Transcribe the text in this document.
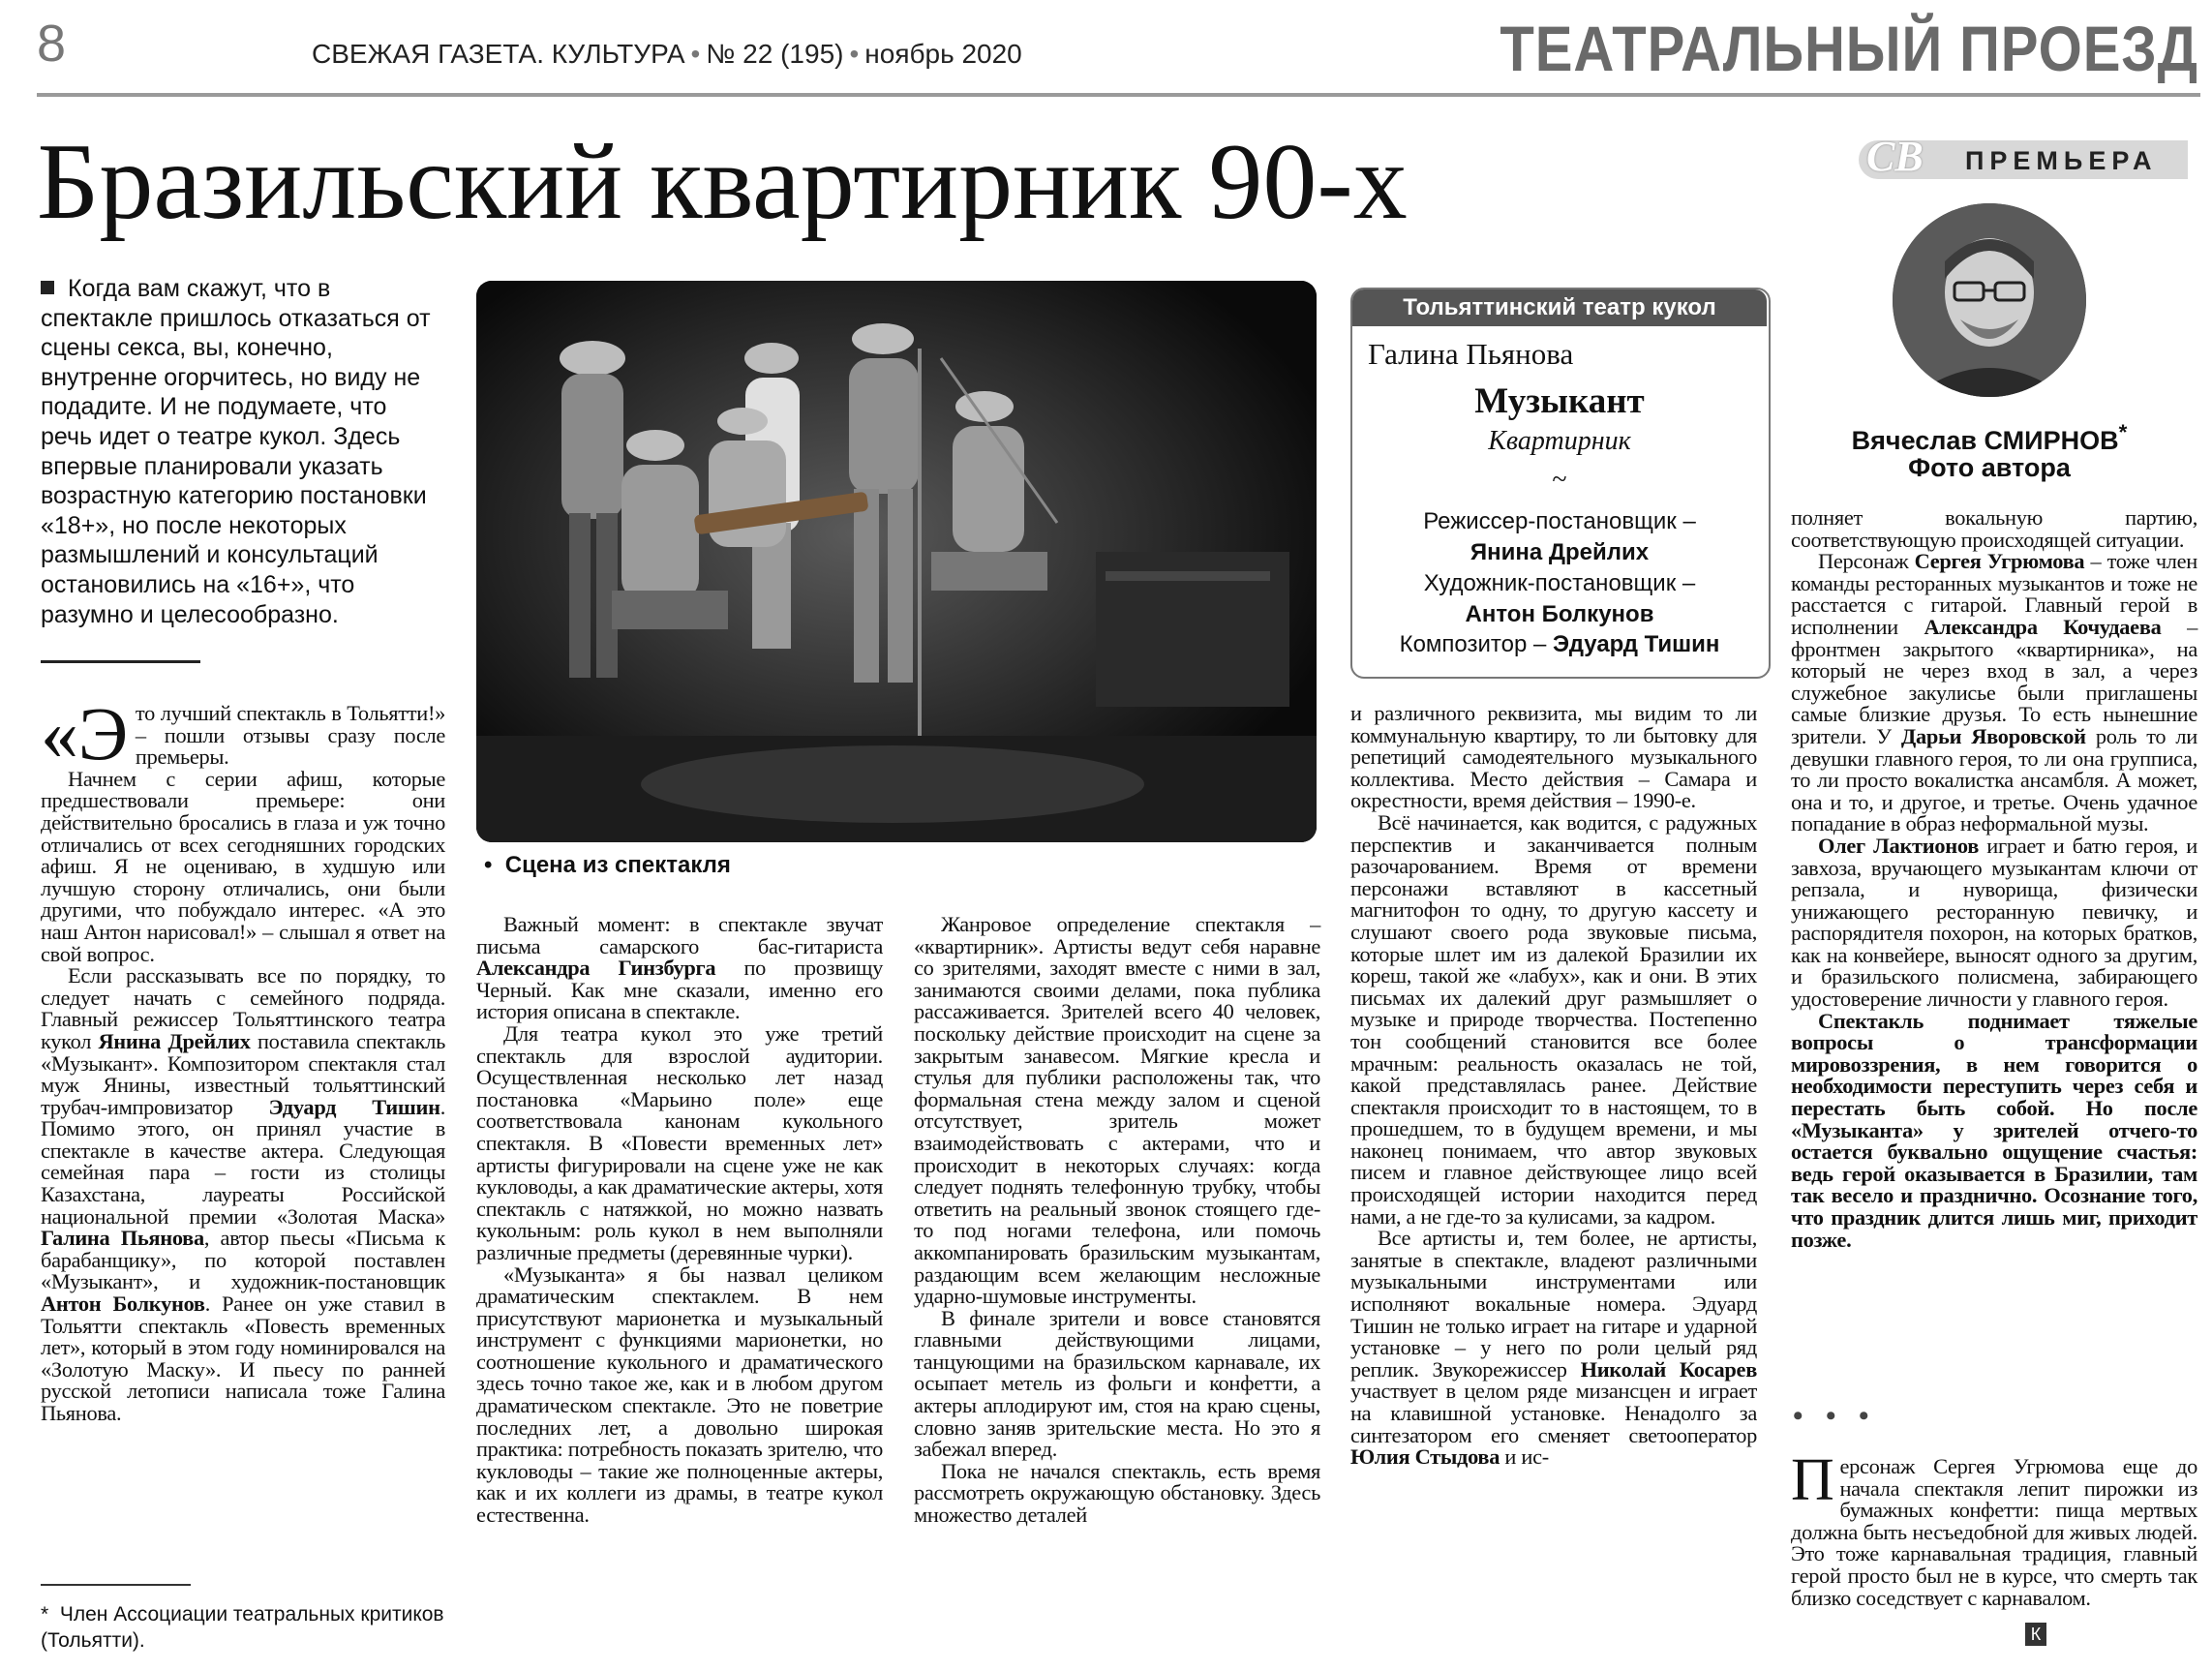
8	СВЕЖАЯ ГАЗЕТА. КУЛЬТУРА • № 22 (195) • ноябрь 2020	ТЕАТРАЛЬНЫЙ ПРОЕЗД
Бразильский квартирник 90-х	СВ ПРЕМЬЕРА
Вячеслав СМИРНОВ*
Фото автора
Когда вам скажут, что в спектакле пришлось отказаться от сцены секса, вы, конечно, внутренне огорчитесь, но виду не подадите. И не подумаете, что речь идет о театре кукол. Здесь впервые планировали указать возрастную категорию постановки «18+», но после некоторых размышлений и консультаций остановились на «16+», что разумно и целесообразно.
•  Сцена из спектакля
Тольяттинский театр кукол
Галина Пьянова
Музыкант
Квартирник
~
Режиссер-постановщик –
Янина Дрейлих
Художник-постановщик –
Антон Болкунов
Композитор – Эдуард Тишин

«Это лучший спектакль в Тольятти!» – пошли отзывы сразу после премьеры.

Начнем с серии афиш, которые предшествовали премьере: они действительно бросались в глаза и уж точно отличались от всех сегодняшних городских афиш. Я не оцениваю, в худшую или лучшую сторону отличались, они были другими, что побуждало интерес. «А это наш Антон нарисовал!» – слышал я ответ на свой вопрос.

Если рассказывать все по порядку, то следует начать с семейного подряда. Главный режиссер Тольяттинского театра кукол Янина Дрейлих поставила спектакль «Музыкант». Композитором спектакля стал муж Янины, известный тольяттинский трубач-импровизатор Эдуард Тишин. Помимо этого, он принял участие в спектакле в качестве актера. Следующая семейная пара – гости из столицы Казахстана, лауреаты Российской национальной премии «Золотая Маска» Галина Пьянова, автор пьесы «Письма к барабанщику», по которой поставлен «Музыкант», и художник-постановщик Антон Болкунов. Ранее он уже ставил в Тольятти спектакль «Повесть временных лет», который в этом году номинировался на «Золотую Маску». И пьесу по ранней русской летописи написала тоже Галина Пьянова.

Важный момент: в спектакле звучат письма самарского бас-гитариста Александра Гинзбурга по прозвищу Черный. Как мне сказали, именно его история описана в спектакле.

Для театра кукол это уже третий спектакль для взрослой аудитории. Осуществленная несколько лет назад постановка «Марьино поле» еще соответствовала канонам кукольного спектакля. В «Повести временных лет» артисты фигурировали на сцене уже не как кукловоды, а как драматические актеры, хотя спектакль с натяжкой, но можно назвать кукольным: роль кукол в нем выполняли различные предметы (деревянные чурки).

«Музыканта» я бы назвал целиком драматическим спектаклем. В нем присутствуют марионетка и музыкальный инструмент с функциями марионетки, но соотношение кукольного и драматического здесь точно такое же, как и в любом другом драматическом спектакле. Это не поветрие последних лет, а довольно широкая практика: потребность показать зрителю, что кукловоды – такие же полноценные актеры, как и их коллеги из драмы, в театре кукол естественна.

Жанровое определение спектакля – «квартирник». Артисты ведут себя наравне со зрителями, заходят вместе с ними в зал, занимаются своими делами, пока публика рассаживается. Зрителей всего 40 человек, поскольку действие происходит на сцене за закрытым занавесом. Мягкие кресла и стулья для публики расположены так, что формальная стена между залом и сценой отсутствует, зритель может взаимодействовать с актерами, что и происходит в некоторых случаях: когда следует поднять телефонную трубку, чтобы ответить на реальный звонок стоящего где-то под ногами телефона, или помочь аккомпанировать бразильским музыкантам, раздающим всем желающим несложные ударно-шумовые инструменты.

В финале зрители и вовсе становятся главными действующими лицами, танцующими на бразильском карнавале, их осыпает метель из фольги и конфетти, а актеры аплодируют им, стоя на краю сцены, словно заняв зрительские места. Но это я забежал вперед.

Пока не начался спектакль, есть время рассмотреть окружающую обстановку. Здесь множество деталей

и различного реквизита, мы видим то ли коммунальную квартиру, то ли бытовку для репетиций самодеятельного музыкального коллектива. Место действия – Самара и окрестности, время действия – 1990-е.

Всё начинается, как водится, с радужных перспектив и заканчивается полным разочарованием. Время от времени персонажи вставляют в кассетный магнитофон то одну, то другую кассету и слушают своего рода звуковые письма, которые шлет им из далекой Бразилии их кореш, такой же «лабух», как и они. В этих письмах их далекий друг размышляет о музыке и природе творчества. Постепенно тон сообщений становится все более мрачным: реальность оказалась не той, какой представлялась ранее. Действие спектакля происходит то в настоящем, то в прошедшем, то в будущем времени, и мы наконец понимаем, что автор звуковых писем и главное действующее лицо всей происходящей истории находится перед нами, а не где-то за кулисами, за кадром.

Все артисты и, тем более, не артисты, занятые в спектакле, владеют различными музыкальными инструментами или исполняют вокальные номера. Эдуард Тишин не только играет на гитаре и ударной установке – у него по роли целый ряд реплик. Звукорежиссер Николай Косарев участвует в целом ряде мизансцен и играет на клавишной установке. Ненадолго за синтезатором его сменяет светооператор Юлия Стыдова и ис-

полняет вокальную партию, соответствующую происходящей ситуации.

Персонаж Сергея Угрюмова – тоже член команды ресторанных музыкантов и тоже не расстается с гитарой. Главный герой в исполнении Александра Кочудаева – фронтмен закрытого «квартирника», на который не через вход в зал, а через служебное закулисье были приглашены самые близкие друзья. То есть нынешние зрители. У Дарьи Яворовской роль то ли девушки главного героя, то ли она групписа, то ли просто вокалистка ансамбля. А может, она и то, и другое, и третье. Очень удачное попадание в образ неформальной музы.

Олег Лактионов играет и батю героя, и завхоза, вручающего музыкантам ключи от репзала, и нуворища, физически унижающего ресторанную певичку, и распорядителя похорон, на которых братков, как на конвейере, выносят одного за другим, и бразильского полисмена, забирающего удостоверение личности у главного героя.

Спектакль поднимает тяжелые вопросы о трансформации мировоззрения, в нем говорится о необходимости переступить через себя и перестать быть собой. Но после «Музыканта» у зрителей отчего-то остается буквально ощущение счастья: ведь герой оказывается в Бразилии, там так весело и празднично. Осознание того, что праздник длится лишь миг, приходит позже.

• • •

Персонаж Сергея Угрюмова еще до начала спектакля лепит пирожки из бумажных конфетти: пища мертвых должна быть несъедобной для живых людей. Это тоже карнавальная традиция, главный герой просто был не в курсе, что смерть так близко соседствует с карнавалом.

К
* Член Ассоциации театральных критиков (Тольятти).
